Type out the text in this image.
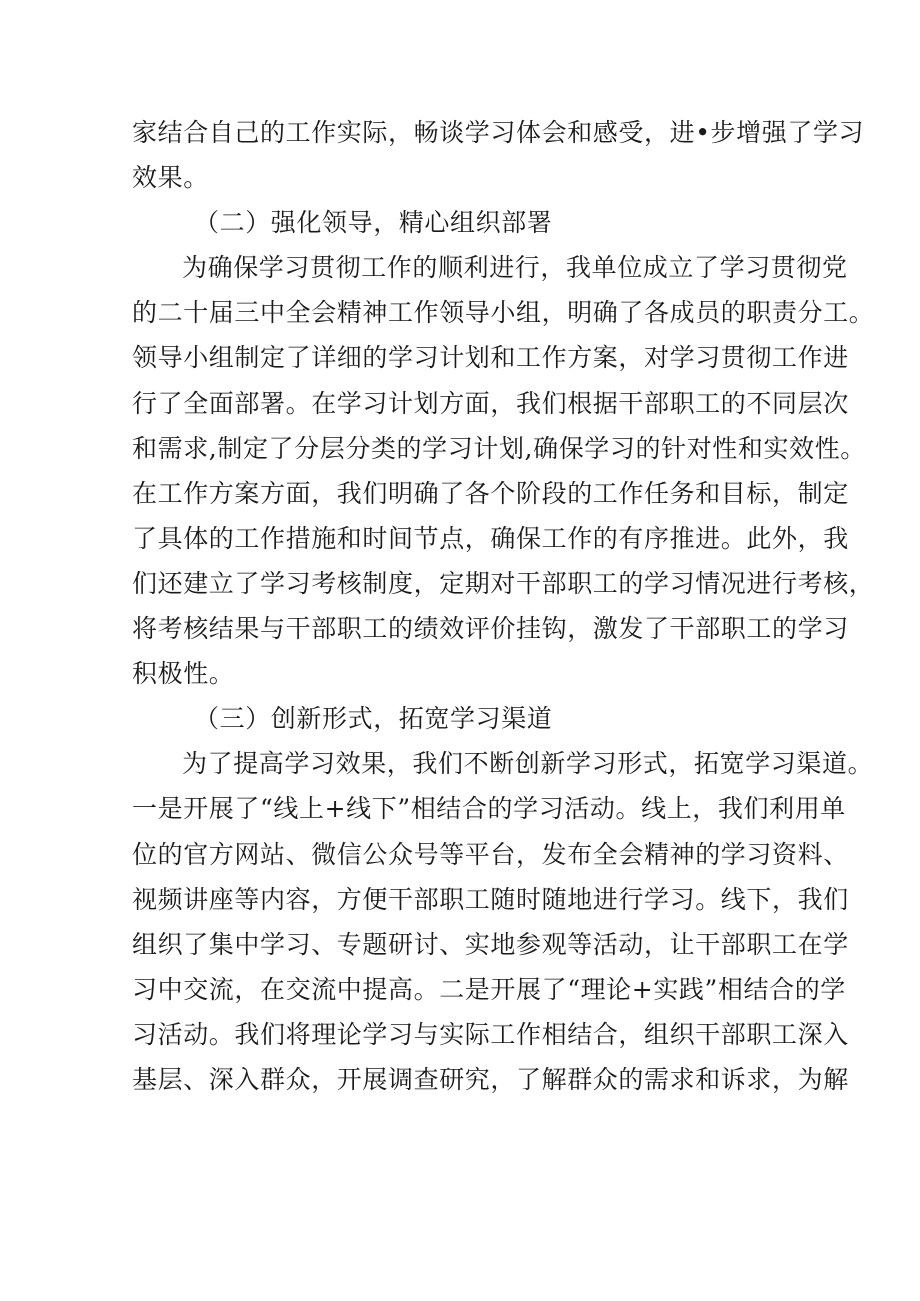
家结合自己的工作实际，畅谈学习体会和感受，进•步增强了学习
效果。
（二）强化领导，精心组织部署
为确保学习贯彻工作的顺利进行，我单位成立了学习贯彻党
的二十届三中全会精神工作领导小组，明确了各成员的职责分工。
领导小组制定了详细的学习计划和工作方案，对学习贯彻工作进
行了全面部署。在学习计划方面，我们根据干部职工的不同层次
和需求,制定了分层分类的学习计划,确保学习的针对性和实效性。
在工作方案方面，我们明确了各个阶段的工作任务和目标，制定
了具体的工作措施和时间节点，确保工作的有序推进。此外，我
们还建立了学习考核制度，定期对干部职工的学习情况进行考核，
将考核结果与干部职工的绩效评价挂钩，激发了干部职工的学习
积极性。
（三）创新形式，拓宽学习渠道
为了提高学习效果，我们不断创新学习形式，拓宽学习渠道。
一是开展了“线上+线下”相结合的学习活动。线上，我们利用单
位的官方网站、微信公众号等平台，发布全会精神的学习资料、
视频讲座等内容，方便干部职工随时随地进行学习。线下，我们
组织了集中学习、专题研讨、实地参观等活动，让干部职工在学
习中交流，在交流中提高。二是开展了“理论+实践”相结合的学
习活动。我们将理论学习与实际工作相结合，组织干部职工深入
基层、深入群众，开展调查研究，了解群众的需求和诉求，为解
